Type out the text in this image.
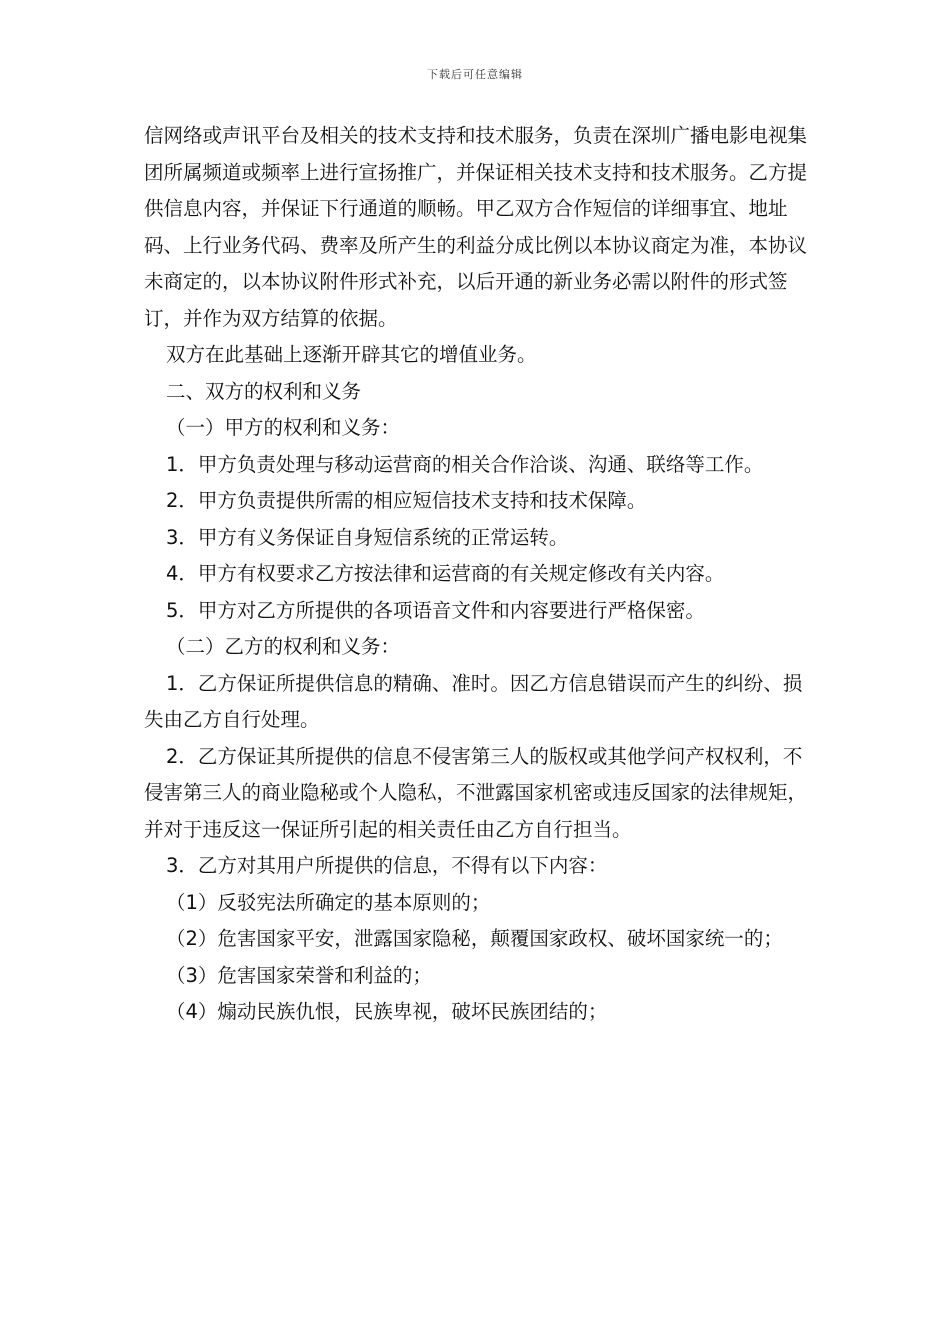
下载后可任意编辑

信网络或声讯平台及相关的技术支持和技术服务，负责在深圳广播电影电视集团所属频道或频率上进行宣扬推广，并保证相关技术支持和技术服务。乙方提供信息内容，并保证下行通道的顺畅。甲乙双方合作短信的详细事宜、地址码、上行业务代码、费率及所产生的利益分成比例以本协议商定为准，本协议未商定的，以本协议附件形式补充，以后开通的新业务必需以附件的形式签订，并作为双方结算的依据。

双方在此基础上逐渐开辟其它的增值业务。

二、双方的权利和义务

（一）甲方的权利和义务：

1．甲方负责处理与移动运营商的相关合作洽谈、沟通、联络等工作。

2．甲方负责提供所需的相应短信技术支持和技术保障。

3．甲方有义务保证自身短信系统的正常运转。

4．甲方有权要求乙方按法律和运营商的有关规定修改有关内容。

5．甲方对乙方所提供的各项语音文件和内容要进行严格保密。

（二）乙方的权利和义务：

1．乙方保证所提供信息的精确、准时。因乙方信息错误而产生的纠纷、损失由乙方自行处理。

2．乙方保证其所提供的信息不侵害第三人的版权或其他学问产权权利，不侵害第三人的商业隐秘或个人隐私，不泄露国家机密或违反国家的法律规矩，并对于违反这一保证所引起的相关责任由乙方自行担当。

3．乙方对其用户所提供的信息，不得有以下内容：

（1）反驳宪法所确定的基本原则的；

（2）危害国家平安，泄露国家隐秘，颠覆国家政权、破坏国家统一的；

（3）危害国家荣誉和利益的；

（4）煽动民族仇恨，民族卑视，破坏民族团结的；
